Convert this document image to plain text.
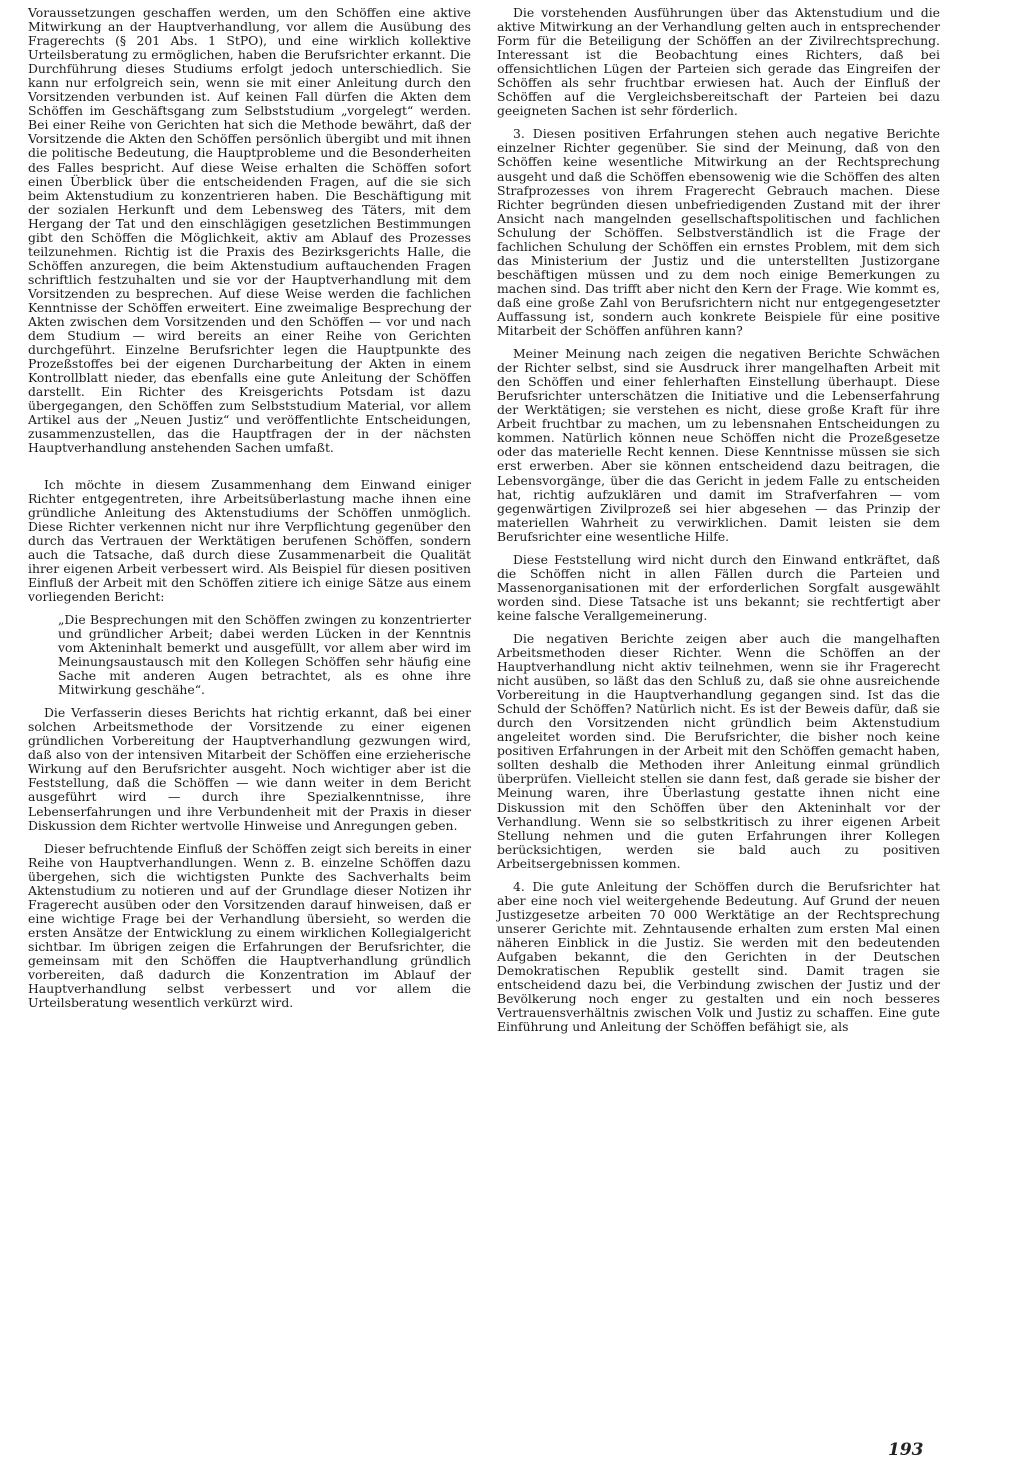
Voraussetzungen geschaffen werden, um den Schöffen eine aktive Mitwirkung an der Hauptverhandlung, vor allem die Ausübung des Fragerechts (§ 201 Abs. 1 StPO), und eine wirklich kollektive Urteilsberatung zu ermöglichen, haben die Berufsrichter erkannt. Die Durchführung dieses Studiums erfolgt jedoch unterschiedlich. Sie kann nur erfolgreich sein, wenn sie mit einer Anleitung durch den Vorsitzenden verbunden ist. Auf keinen Fall dürfen die Akten dem Schöffen im Geschäftsgang zum Selbststudium „vorgelegt“ werden. Bei einer Reihe von Gerichten hat sich die Methode bewährt, daß der Vorsitzende die Akten den Schöffen persönlich übergibt und mit ihnen die politische Bedeutung, die Hauptprobleme und die Besonderheiten des Falles bespricht. Auf diese Weise erhalten die Schöffen sofort einen Überblick über die entscheidenden Fragen, auf die sie sich beim Aktenstudium zu konzentrieren haben. Die Beschäftigung mit der sozialen Herkunft und dem Lebensweg des Täters, mit dem Hergang der Tat und den einschlägigen gesetzlichen Bestimmungen gibt den Schöffen die Möglichkeit, aktiv am Ablauf des Prozesses teilzunehmen. Richtig ist die Praxis des Bezirksgerichts Halle, die Schöffen anzuregen, die beim Aktenstudium auftauchenden Fragen schriftlich festzuhalten und sie vor der Hauptverhandlung mit dem Vorsitzenden zu besprechen. Auf diese Weise werden die fachlichen Kenntnisse der Schöffen erweitert. Eine zweimalige Besprechung der Akten zwischen dem Vorsitzenden und den Schöffen — vor und nach dem Studium — wird bereits an einer Reihe von Gerichten durchgeführt. Einzelne Berufsrichter legen die Hauptpunkte des Prozeßstoffes bei der eigenen Durcharbeitung der Akten in einem Kontrollblatt nieder, das ebenfalls eine gute Anleitung der Schöffen darstellt. Ein Richter des Kreisgerichts Potsdam ist dazu übergegangen, den Schöffen zum Selbststudium Material, vor allem Artikel aus der „Neuen Justiz“ und veröffentlichte Entscheidungen, zusammenzustellen, das die Hauptfragen der in der nächsten Hauptverhandlung anstehenden Sachen umfaßt.

Ich möchte in diesem Zusammenhang dem Einwand einiger Richter entgegentreten, ihre Arbeitsüberlastung mache ihnen eine gründliche Anleitung des Aktenstudiums der Schöffen unmöglich. Diese Richter verkennen nicht nur ihre Verpflichtung gegenüber den durch das Vertrauen der Werktätigen berufenen Schöffen, sondern auch die Tatsache, daß durch diese Zusammenarbeit die Qualität ihrer eigenen Arbeit verbessert wird. Als Beispiel für diesen positiven Einfluß der Arbeit mit den Schöffen zitiere ich einige Sätze aus einem vorliegenden Bericht:

„Die Besprechungen mit den Schöffen zwingen zu konzentrierter und gründlicher Arbeit; dabei werden Lücken in der Kenntnis vom Akteninhalt bemerkt und ausgefüllt, vor allem aber wird im Meinungsaustausch mit den Kollegen Schöffen sehr häufig eine Sache mit anderen Augen betrachtet, als es ohne ihre Mitwirkung geschähe“.

Die Verfasserin dieses Berichts hat richtig erkannt, daß bei einer solchen Arbeitsmethode der Vorsitzende zu einer eigenen gründlichen Vorbereitung der Hauptverhandlung gezwungen wird, daß also von der intensiven Mitarbeit der Schöffen eine erzieherische Wirkung auf den Berufsrichter ausgeht. Noch wichtiger aber ist die Feststellung, daß die Schöffen — wie dann weiter in dem Bericht ausgeführt wird — durch ihre Spezialkenntnisse, ihre Lebenserfahrungen und ihre Verbundenheit mit der Praxis in dieser Diskussion dem Richter wertvolle Hinweise und Anregungen geben.

Dieser befruchtende Einfluß der Schöffen zeigt sich bereits in einer Reihe von Hauptverhandlungen. Wenn z. B. einzelne Schöffen dazu übergehen, sich die wichtigsten Punkte des Sachverhalts beim Aktenstudium zu notieren und auf der Grundlage dieser Notizen ihr Fragerecht ausüben oder den Vorsitzenden darauf hinweisen, daß er eine wichtige Frage bei der Verhandlung übersieht, so werden die ersten Ansätze der Entwicklung zu einem wirklichen Kollegialgericht sichtbar. Im übrigen zeigen die Erfahrungen der Berufsrichter, die gemeinsam mit den Schöffen die Hauptverhandlung gründlich vorbereiten, daß dadurch die Konzentration im Ablauf der Hauptverhandlung selbst verbessert und vor allem die Urteilsberatung wesentlich verkürzt wird.

Die vorstehenden Ausführungen über das Aktenstudium und die aktive Mitwirkung an der Verhandlung gelten auch in entsprechender Form für die Beteiligung der Schöffen an der Zivilrechtsprechung. Interessant ist die Beobachtung eines Richters, daß bei offensichtlichen Lügen der Parteien sich gerade das Eingreifen der Schöffen als sehr fruchtbar erwiesen hat. Auch der Einfluß der Schöffen auf die Vergleichsbereitschaft der Parteien bei dazu geeigneten Sachen ist sehr förderlich.

3. Diesen positiven Erfahrungen stehen auch negative Berichte einzelner Richter gegenüber. Sie sind der Meinung, daß von den Schöffen keine wesentliche Mitwirkung an der Rechtsprechung ausgeht und daß die Schöffen ebensowenig wie die Schöffen des alten Strafprozesses von ihrem Fragerecht Gebrauch machen. Diese Richter begründen diesen unbefriedigenden Zustand mit der ihrer Ansicht nach mangelnden gesellschaftspolitischen und fachlichen Schulung der Schöffen. Selbstverständlich ist die Frage der fachlichen Schulung der Schöffen ein ernstes Problem, mit dem sich das Ministerium der Justiz und die unterstellten Justizorgane beschäftigen müssen und zu dem noch einige Bemerkungen zu machen sind. Das trifft aber nicht den Kern der Frage. Wie kommt es, daß eine große Zahl von Berufsrichtern nicht nur entgegengesetzter Auffassung ist, sondern auch konkrete Beispiele für eine positive Mitarbeit der Schöffen anführen kann?

Meiner Meinung nach zeigen die negativen Berichte Schwächen der Richter selbst, sind sie Ausdruck ihrer mangelhaften Arbeit mit den Schöffen und einer fehlerhaften Einstellung überhaupt. Diese Berufsrichter unterschätzen die Initiative und die Lebenserfahrung der Werktätigen; sie verstehen es nicht, diese große Kraft für ihre Arbeit fruchtbar zu machen, um zu lebensnahen Entscheidungen zu kommen. Natürlich können neue Schöffen nicht die Prozeßgesetze oder das materielle Recht kennen. Diese Kenntnisse müssen sie sich erst erwerben. Aber sie können entscheidend dazu beitragen, die Lebensvorgänge, über die das Gericht in jedem Falle zu entscheiden hat, richtig aufzuklären und damit im Strafverfahren — vom gegenwärtigen Zivilprozeß sei hier abgesehen — das Prinzip der materiellen Wahrheit zu verwirklichen. Damit leisten sie dem Berufsrichter eine wesentliche Hilfe.

Diese Feststellung wird nicht durch den Einwand entkräftet, daß die Schöffen nicht in allen Fällen durch die Parteien und Massenorganisationen mit der erforderlichen Sorgfalt ausgewählt worden sind. Diese Tatsache ist uns bekannt; sie rechtfertigt aber keine falsche Verallgemeinerung.

Die negativen Berichte zeigen aber auch die mangelhaften Arbeitsmethoden dieser Richter. Wenn die Schöffen an der Hauptverhandlung nicht aktiv teilnehmen, wenn sie ihr Fragerecht nicht ausüben, so läßt das den Schluß zu, daß sie ohne ausreichende Vorbereitung in die Hauptverhandlung gegangen sind. Ist das die Schuld der Schöffen? Natürlich nicht. Es ist der Beweis dafür, daß sie durch den Vorsitzenden nicht gründlich beim Aktenstudium angeleitet worden sind. Die Berufsrichter, die bisher noch keine positiven Erfahrungen in der Arbeit mit den Schöffen gemacht haben, sollten deshalb die Methoden ihrer Anleitung einmal gründlich überprüfen. Vielleicht stellen sie dann fest, daß gerade sie bisher der Meinung waren, ihre Überlastung gestatte ihnen nicht eine Diskussion mit den Schöffen über den Akteninhalt vor der Verhandlung. Wenn sie so selbstkritisch zu ihrer eigenen Arbeit Stellung nehmen und die guten Erfahrungen ihrer Kollegen berücksichtigen, werden sie bald auch zu positiven Arbeitsergebnissen kommen.

4. Die gute Anleitung der Schöffen durch die Berufsrichter hat aber eine noch viel weitergehende Bedeutung. Auf Grund der neuen Justizgesetze arbeiten 70 000 Werktätige an der Rechtsprechung unserer Gerichte mit. Zehntausende erhalten zum ersten Mal einen näheren Einblick in die Justiz. Sie werden mit den bedeutenden Aufgaben bekannt, die den Gerichten in der Deutschen Demokratischen Republik gestellt sind. Damit tragen sie entscheidend dazu bei, die Verbindung zwischen der Justiz und der Bevölkerung noch enger zu gestalten und ein noch besseres Vertrauensverhältnis zwischen Volk und Justiz zu schaffen. Eine gute Einführung und Anleitung der Schöffen befähigt sie, als

193
